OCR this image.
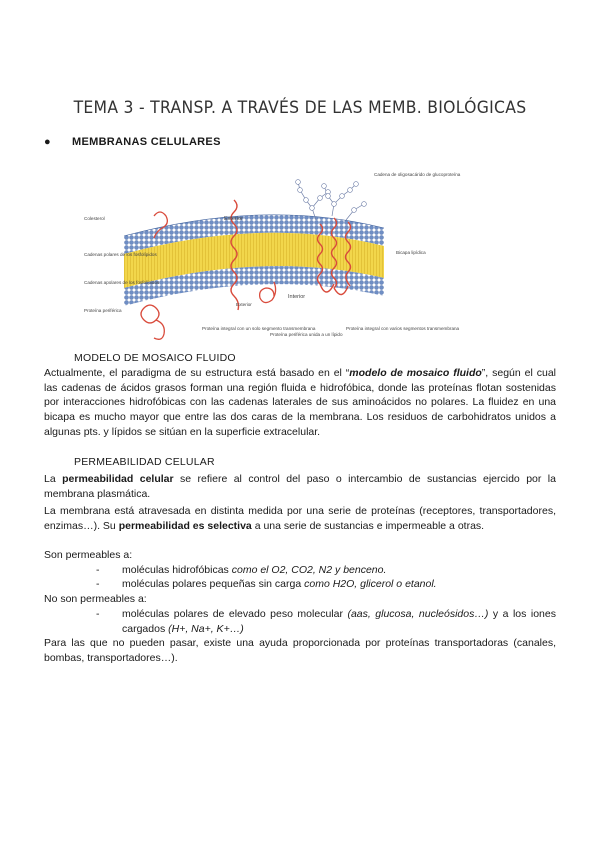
TEMA 3 - TRANSP. A TRAVÉS DE LAS MEMB. BIOLÓGICAS
● MEMBRANAS CELULARES
Cadena de oligosacárido de glucoproteína
Exterior
Interior
Colesterol
Cadenas polares de los fosfolípidos
Cadenas apolares de los fosfolípidos
Bicapa lipídica
Proteína periférica
Exterior
Proteína integral con un solo segmento transmembrana
Proteína periférica unida a un lípido
Proteína integral con varios segmentos transmembrana
MODELO DE MOSAICO FLUIDO
Actualmente, el paradigma de su estructura está basado en el “modelo de mosaico fluido”, según el cual las cadenas de ácidos grasos forman una región fluida e hidrofóbica, donde las proteínas flotan sostenidas por interacciones hidrofóbicas con las cadenas laterales de sus aminoácidos no polares. La fluidez en una bicapa es mucho mayor que entre las dos caras de la membrana. Los residuos de carbohidratos unidos a algunas pts. y lípidos se sitúan en la superficie extracelular.
PERMEABILIDAD CELULAR
La permeabilidad celular se refiere al control del paso o intercambio de sustancias ejercido por la membrana plasmática.
La membrana está atravesada en distinta medida por una serie de proteínas (receptores, transportadores, enzimas…). Su permeabilidad es selectiva a una serie de sustancias e impermeable a otras.
Son permeables a:
- moléculas hidrofóbicas como el O2, CO2, N2 y benceno.
- moléculas polares pequeñas sin carga como H2O, glicerol o etanol.
No son permeables a:
- moléculas polares de elevado peso molecular (aas, glucosa, nucleósidos…) y a los iones cargados (H+, Na+, K+…)
Para las que no pueden pasar, existe una ayuda proporcionada por proteínas transportadoras (canales, bombas, transportadores…).
